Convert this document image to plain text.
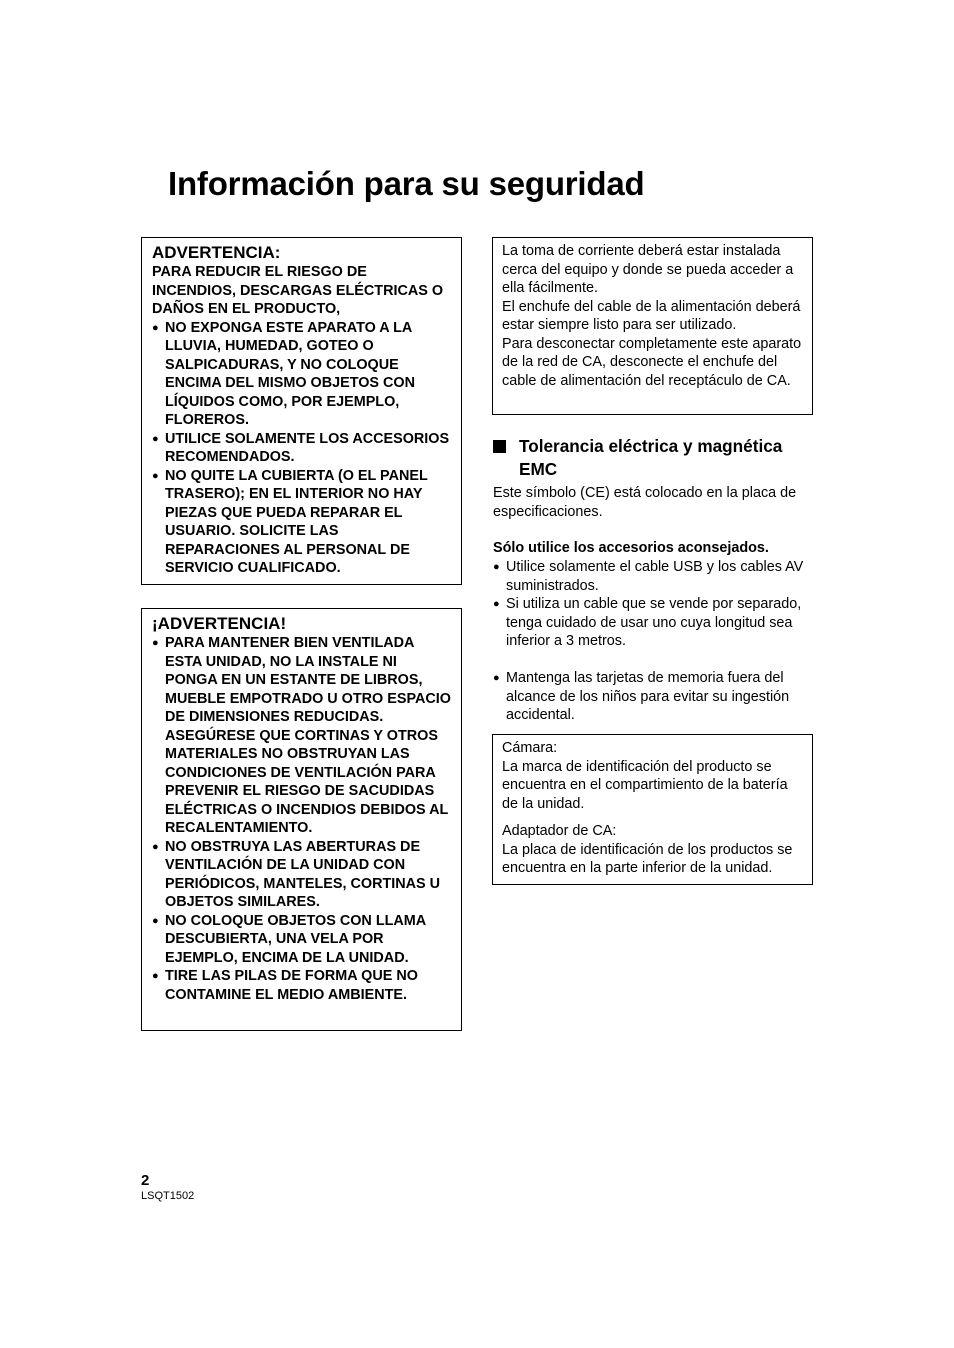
Información para su seguridad

ADVERTENCIA:

PARA REDUCIR EL RIESGO DE INCENDIOS, DESCARGAS ELÉCTRICAS O DAÑOS EN EL PRODUCTO,

● NO EXPONGA ESTE APARATO A LA LLUVIA, HUMEDAD, GOTEO O SALPICADURAS, Y NO COLOQUE ENCIMA DEL MISMO OBJETOS CON LÍQUIDOS COMO, POR EJEMPLO, FLOREROS.
● UTILICE SOLAMENTE LOS ACCESORIOS RECOMENDADOS.
● NO QUITE LA CUBIERTA (O EL PANEL TRASERO); EN EL INTERIOR NO HAY PIEZAS QUE PUEDA REPARAR EL USUARIO. SOLICITE LAS REPARACIONES AL PERSONAL DE SERVICIO CUALIFICADO.

¡ADVERTENCIA!

● PARA MANTENER BIEN VENTILADA ESTA UNIDAD, NO LA INSTALE NI PONGA EN UN ESTANTE DE LIBROS, MUEBLE EMPOTRADO U OTRO ESPACIO DE DIMENSIONES REDUCIDAS. ASEGÚRESE QUE CORTINAS Y OTROS MATERIALES NO OBSTRUYAN LAS CONDICIONES DE VENTILACIÓN PARA PREVENIR EL RIESGO DE SACUDIDAS ELÉCTRICAS O INCENDIOS DEBIDOS AL RECALENTAMIENTO.
● NO OBSTRUYA LAS ABERTURAS DE VENTILACIÓN DE LA UNIDAD CON PERIÓDICOS, MANTELES, CORTINAS U OBJETOS SIMILARES.
● NO COLOQUE OBJETOS CON LLAMA DESCUBIERTA, UNA VELA POR EJEMPLO, ENCIMA DE LA UNIDAD.
● TIRE LAS PILAS DE FORMA QUE NO CONTAMINE EL MEDIO AMBIENTE.

La toma de corriente deberá estar instalada cerca del equipo y donde se pueda acceder a ella fácilmente.

El enchufe del cable de la alimentación deberá estar siempre listo para ser utilizado.

Para desconectar completamente este aparato de la red de CA, desconecte el enchufe del cable de alimentación del receptáculo de CA.

Tolerancia eléctrica y magnética EMC

Este símbolo (CE) está colocado en la placa de especificaciones.

Sólo utilice los accesorios aconsejados.
● Utilice solamente el cable USB y los cables AV suministrados.
● Si utiliza un cable que se vende por separado, tenga cuidado de usar uno cuya longitud sea inferior a 3 metros.
● Mantenga las tarjetas de memoria fuera del alcance de los niños para evitar su ingestión accidental.

Cámara:

La marca de identificación del producto se encuentra en el compartimiento de la batería de la unidad.

Adaptador de CA:

La placa de identificación de los productos se encuentra en la parte inferior de la unidad.

2
LSQT1502
